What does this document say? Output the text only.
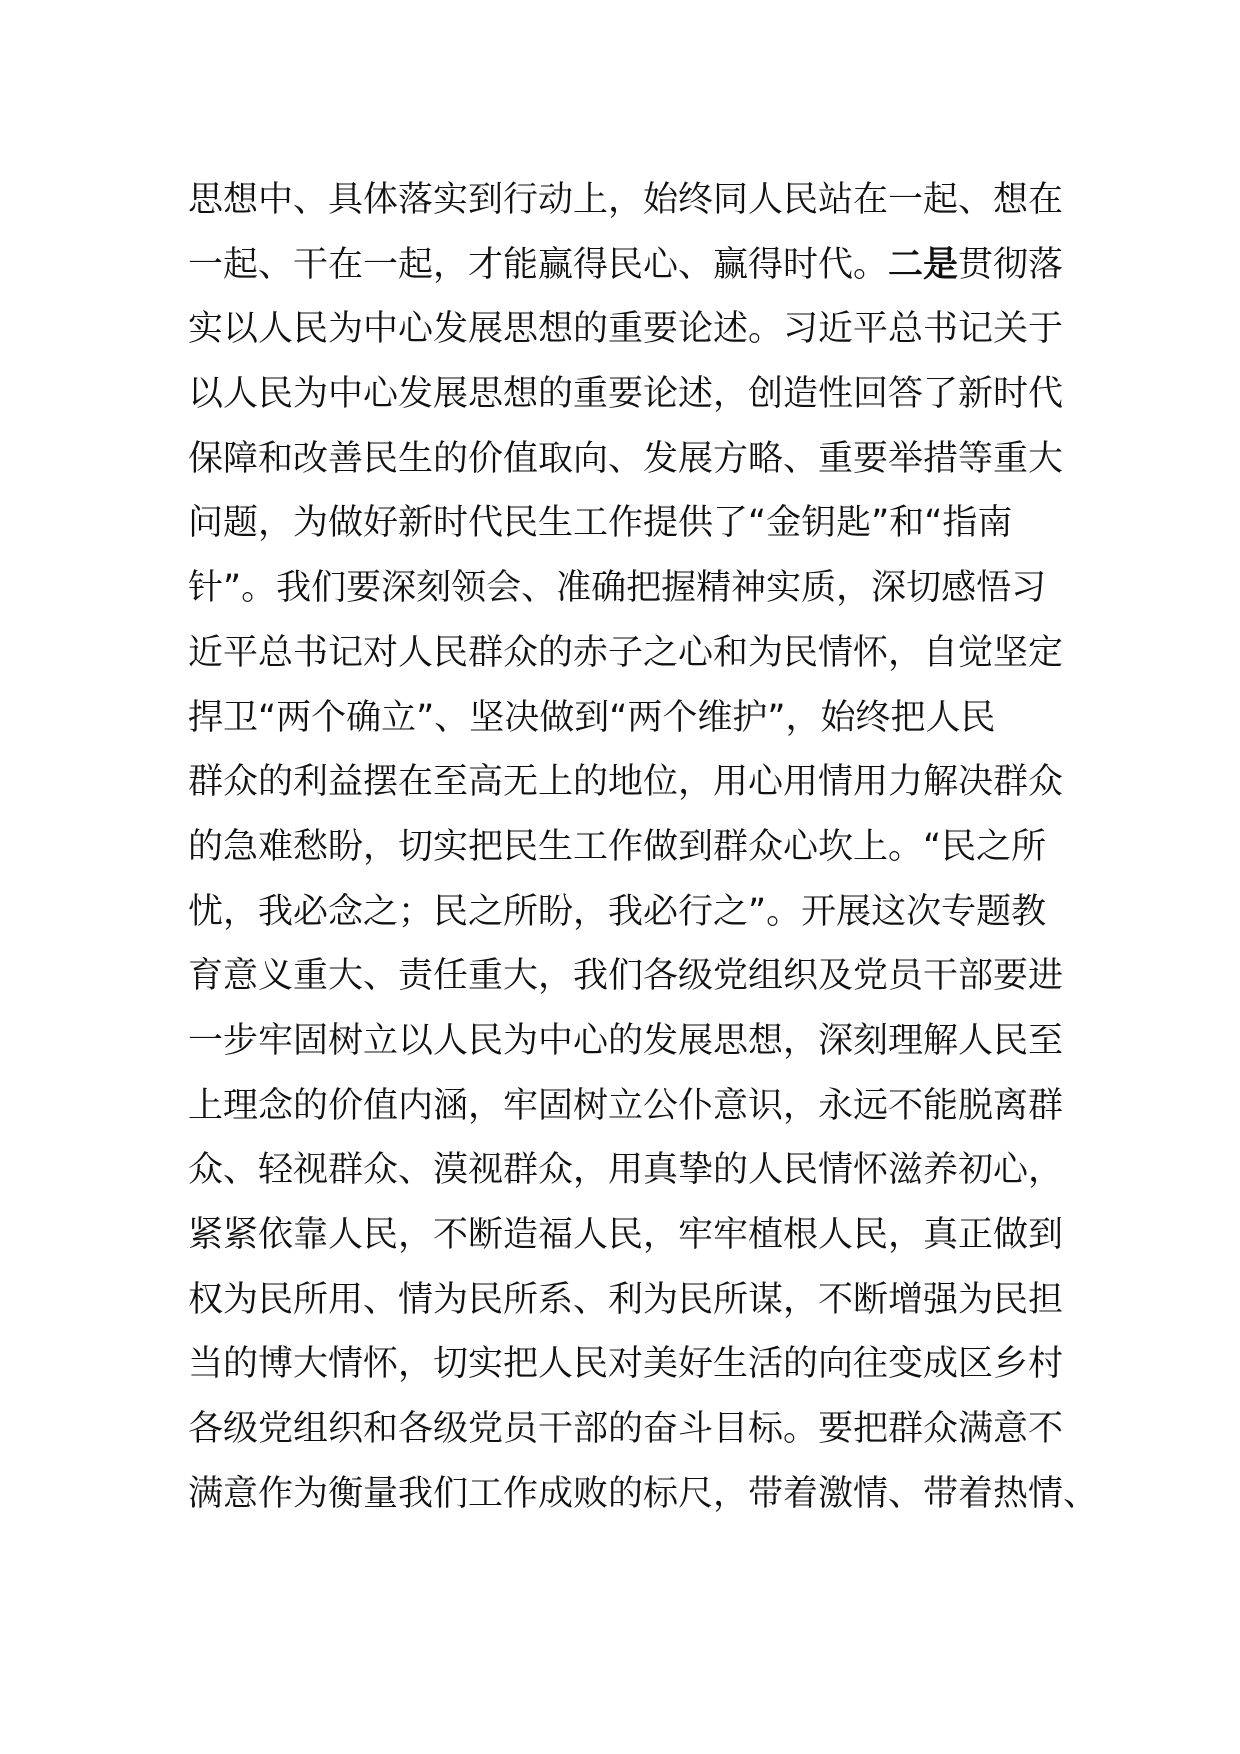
思想中、具体落实到行动上，始终同人民站在一起、想在
一起、干在一起，才能赢得民心、赢得时代。二是贯彻落
实以人民为中心发展思想的重要论述。习近平总书记关于
以人民为中心发展思想的重要论述，创造性回答了新时代
保障和改善民生的价值取向、发展方略、重要举措等重大
问题，为做好新时代民生工作提供了“金钥匙”和“指南
针”。我们要深刻领会、准确把握精神实质，深切感悟习
近平总书记对人民群众的赤子之心和为民情怀，自觉坚定
捍卫“两个确立”、坚决做到“两个维护”，始终把人民
群众的利益摆在至高无上的地位，用心用情用力解决群众
的急难愁盼，切实把民生工作做到群众心坎上。“民之所
忧，我必念之；民之所盼，我必行之”。开展这次专题教
育意义重大、责任重大，我们各级党组织及党员干部要进
一步牢固树立以人民为中心的发展思想，深刻理解人民至
上理念的价值内涵，牢固树立公仆意识，永远不能脱离群
众、轻视群众、漠视群众，用真挚的人民情怀滋养初心，
紧紧依靠人民，不断造福人民，牢牢植根人民，真正做到
权为民所用、情为民所系、利为民所谋，不断增强为民担
当的博大情怀，切实把人民对美好生活的向往变成区乡村
各级党组织和各级党员干部的奋斗目标。要把群众满意不
满意作为衡量我们工作成败的标尺，带着激情、带着热情、
